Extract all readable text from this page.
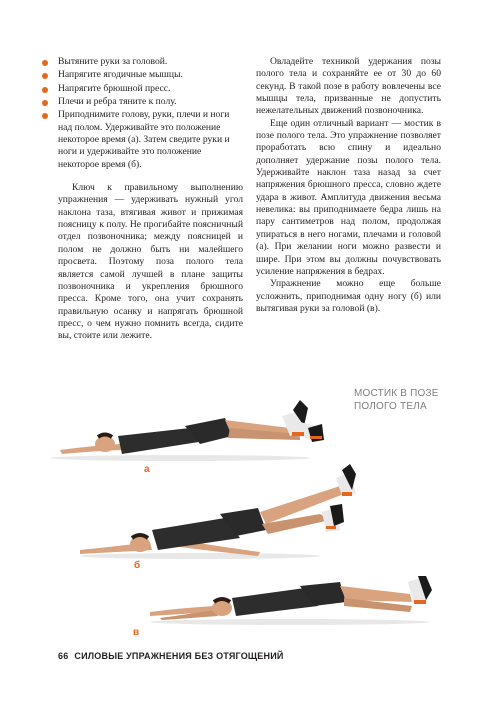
Вытяните руки за головой.
Напрягите ягодичные мышцы.
Напрягите брюшной пресс.
Плечи и ребра тяните к полу.
Приподнимите голову, руки, плечи и ноги над полом. Удерживайте это положение некоторое время (а). Затем сведите руки и ноги и удерживайте это положение некоторое время (б).

Ключ к правильному выполнению упражнения — удерживать нужный угол наклона таза, втягивая живот и прижимая поясницу к полу. Не прогибайте поясничный отдел позвоночника; между поясницей и полом не должно быть ни малейшего просвета. Поэтому поза полого тела является самой лучшей в плане защиты позвоночника и укрепления брюшного пресса. Кроме того, она учит сохранять правильную осанку и напрягать брюшной пресс, о чем нужно помнить всегда, сидите вы, стоите или лежите.

Овладейте техникой удержания позы полого тела и сохраняйте ее от 30 до 60 секунд. В такой позе в работу вовлечены все мышцы тела, призванные не допустить нежелательных движений позвоночника.

Еще один отличный вариант — мостик в позе полого тела. Это упражнение позволяет проработать всю спину и идеально дополняет удержание позы полого тела. Удерживайте наклон таза назад за счет напряжения брюшного пресса, словно ждете удара в живот. Амплитуда движения весьма невелика: вы приподнимаете бедра лишь на пару сантиметров над полом, продолжая упираться в него ногами, плечами и головой (а). При желании ноги можно развести и шире. При этом вы должны почувствовать усиление напряжения в бедрах.

Упражнение можно еще больше усложнить, приподнимая одну ногу (б) или вытягивая руки за головой (в).

МОСТИК В ПОЗЕ ПОЛОГО ТЕЛА
а
б
в
66 СИЛОВЫЕ УПРАЖНЕНИЯ БЕЗ ОТЯГОЩЕНИЙ
